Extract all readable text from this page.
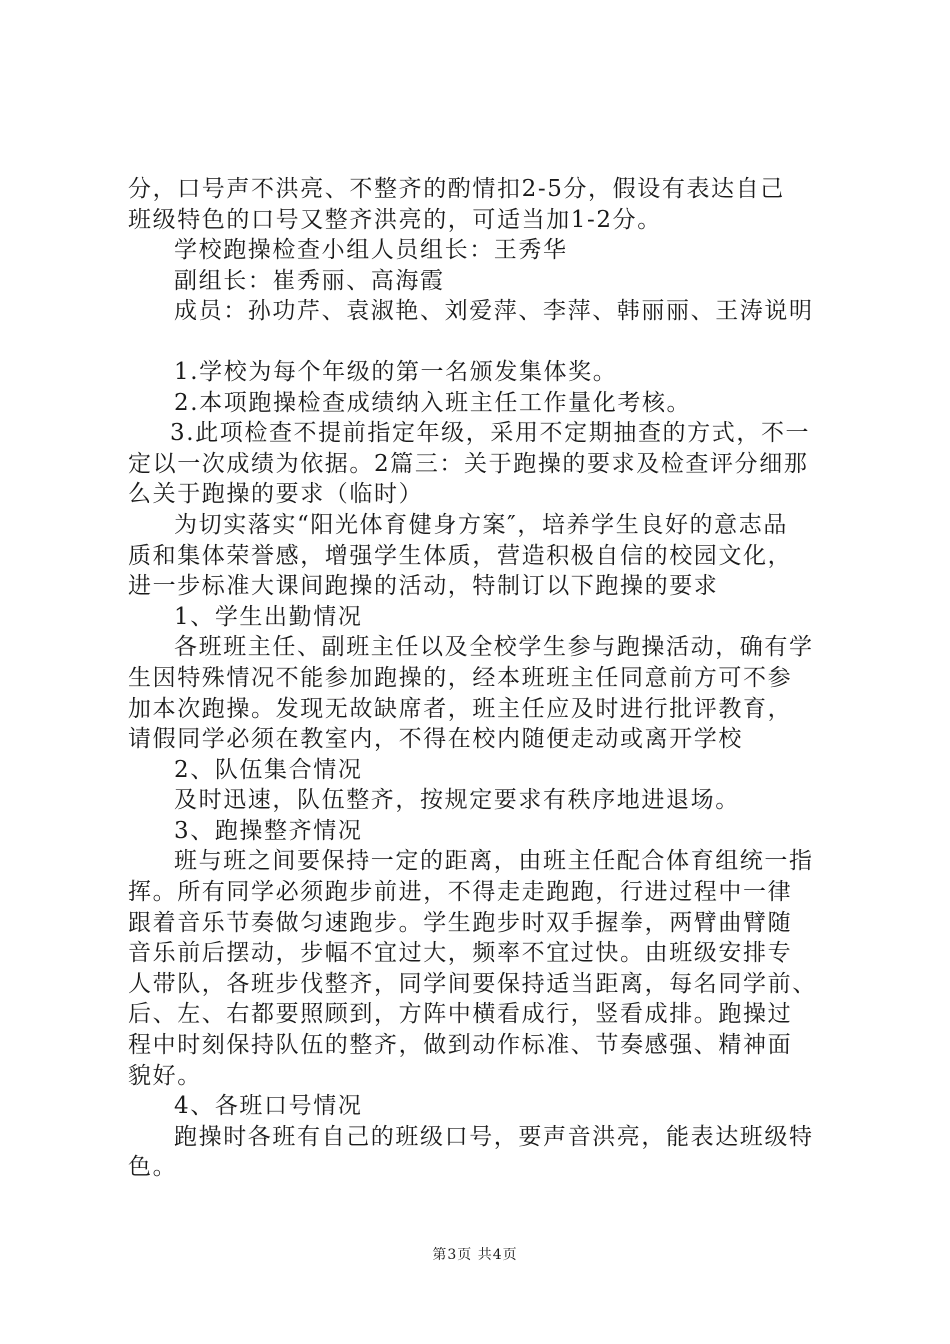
分，口号声不洪亮、不整齐的酌情扣2-5分，假设有表达自己
班级特色的口号又整齐洪亮的，可适当加1-2分。
学校跑操检查小组人员组长：王秀华
副组长：崔秀丽、高海霞
成员：孙功芹、袁淑艳、刘爱萍、李萍、韩丽丽、王涛说明
1.学校为每个年级的第一名颁发集体奖。
2.本项跑操检查成绩纳入班主任工作量化考核。
3.此项检查不提前指定年级，采用不定期抽查的方式，不一
定以一次成绩为依据。2篇三：关于跑操的要求及检查评分细那
么关于跑操的要求（临时）
为切实落实“阳光体育健身方案″，培养学生良好的意志品
质和集体荣誉感，增强学生体质，营造积极自信的校园文化，
进一步标准大课间跑操的活动，特制订以下跑操的要求
1、学生出勤情况
各班班主任、副班主任以及全校学生参与跑操活动，确有学
生因特殊情况不能参加跑操的，经本班班主任同意前方可不参
加本次跑操。发现无故缺席者，班主任应及时进行批评教育，
请假同学必须在教室内，不得在校内随便走动或离开学校
2、队伍集合情况
及时迅速，队伍整齐，按规定要求有秩序地进退场。
3、跑操整齐情况
班与班之间要保持一定的距离，由班主任配合体育组统一指
挥。所有同学必须跑步前进，不得走走跑跑，行进过程中一律
跟着音乐节奏做匀速跑步。学生跑步时双手握拳，两臂曲臂随
音乐前后摆动，步幅不宜过大，频率不宜过快。由班级安排专
人带队，各班步伐整齐，同学间要保持适当距离，每名同学前、
后、左、右都要照顾到，方阵中横看成行，竖看成排。跑操过
程中时刻保持队伍的整齐，做到动作标准、节奏感强、精神面
貌好。
4、各班口号情况
跑操时各班有自己的班级口号，要声音洪亮，能表达班级特
色。
第3页 共4页
